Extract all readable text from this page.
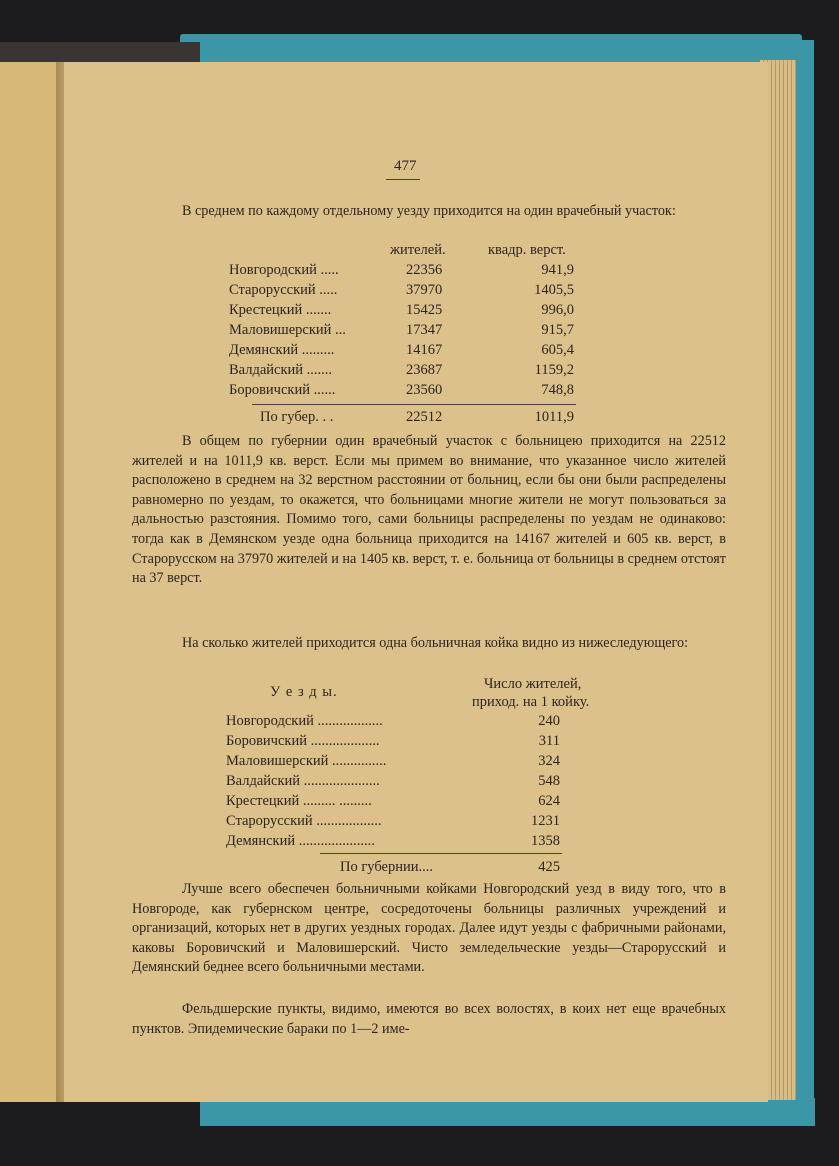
477
В среднем по каждому отдельному уезду приходится на один врачебный участок:
жителей.	квадр. верст.
Новгородский .....	22356	941,9
Старорусский .....	37970	1405,5
Крестецкий .......	15425	996,0
Маловишерский ...	17347	915,7
Демянский .........	14167	605,4
Валдайский .......	23687	1159,2
Боровичский ......	23560	748,8
По губер. . .	22512	1011,9
В общем по губернии один врачебный участок с больницею приходится на 22512 жителей и на 1011,9 кв. верст. Если мы примем во внимание, что указанное число жителей расположено в среднем на 32 верстном расстоянии от больниц, если бы они были распределены равномерно по уездам, то окажется, что больницами многие жители не могут пользоваться за дальностью разстояния. Помимо того, сами больницы распределены по уездам не одинаково: тогда как в Демянском уезде одна больница приходится на 14167 жителей и 605 кв. верст, в Старорусском на 37970 жителей и на 1405 кв. верст, т. е. больница от больницы в среднем отстоят на 37 верст.
На сколько жителей приходится одна больничная койка видно из нижеследующего:
У е з д ы.	Число жителей,
приход. на 1 койку.
Новгородский ..................	240
Боровичский ...................	311
Маловишерский ...............	324
Валдайский .....................	548
Крестецкий ......... .........	624
Старорусский ..................	1231
Демянский .....................	1358
По губернии....	425
Лучше всего обеспечен больничными койками Новгородский уезд в виду того, что в Новгороде, как губернском центре, сосредоточены больницы различных учреждений и организаций, которых нет в других уездных городах. Далее идут уезды с фабричными районами, каковы Боровичский и Маловишерский. Чисто земледельческие уезды—Старорусский и Демянский беднее всего больничными местами.
Фельдшерские пункты, видимо, имеются во всех волостях, в коих нет еще врачебных пунктов. Эпидемические бараки по 1—2 име-
